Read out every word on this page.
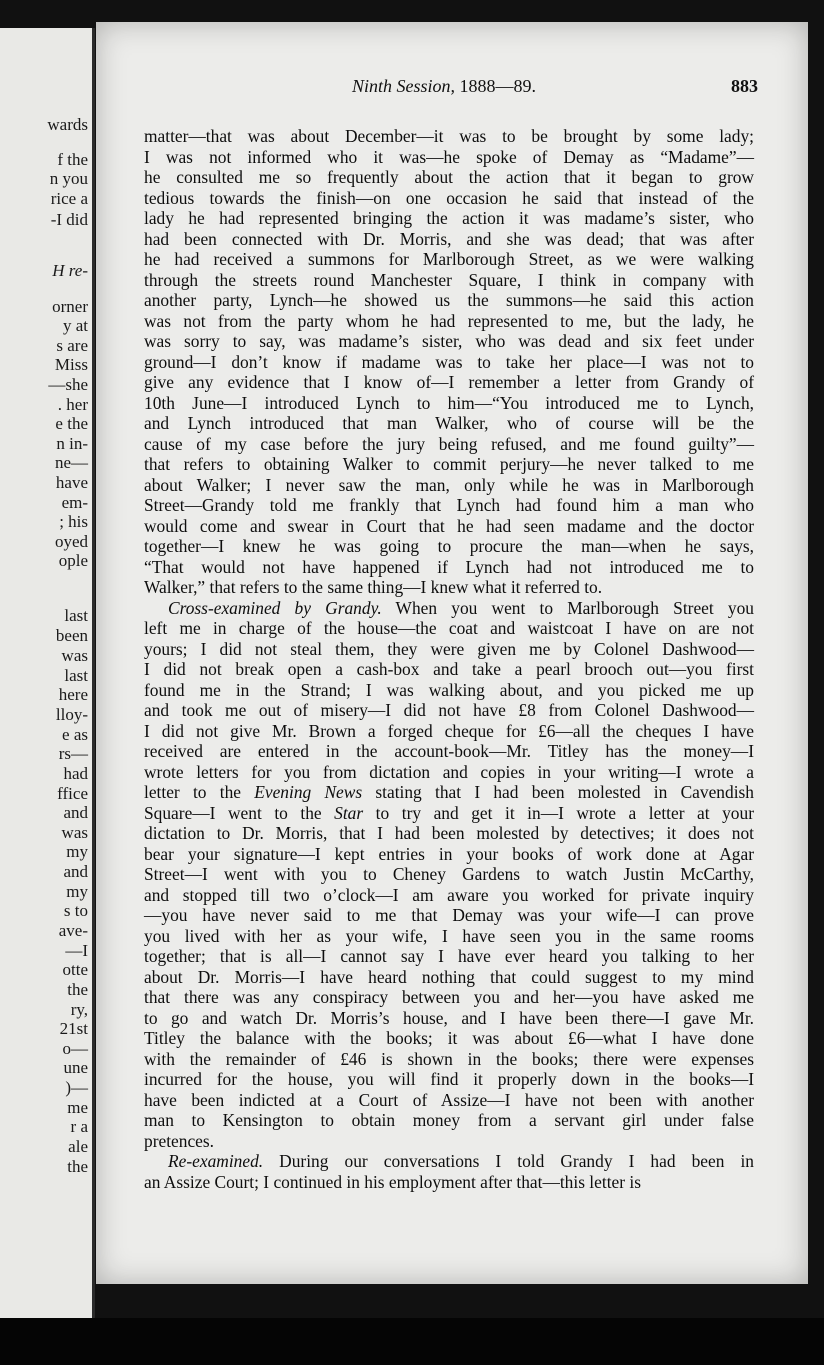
wards
f the
n you
rice a
-I did
H re-
orner
y at
s are
Miss
—she
. her
e the
n in-
ne—
have
em-
; his
oyed
ople
last
been
was
last
here
lloy-
e as
rs—
had
ffice
and
was
my
and
my
s to
ave-
—I
otte
the
ry,
21st
o—
une
)—
me
r a
ale
the
Ninth Session, 1888—89.	883
matter—that was about December—it was to be brought by some lady;
I was not informed who it was—he spoke of Demay as “Madame”—
he consulted me so frequently about the action that it began to grow
tedious towards the finish—on one occasion he said that instead of the
lady he had represented bringing the action it was madame’s sister, who
had been connected with Dr. Morris, and she was dead; that was after
he had received a summons for Marlborough Street, as we were walking
through the streets round Manchester Square, I think in company with
another party, Lynch—he showed us the summons—he said this action
was not from the party whom he had represented to me, but the lady, he
was sorry to say, was madame’s sister, who was dead and six feet under
ground—I don’t know if madame was to take her place—I was not to
give any evidence that I know of—I remember a letter from Grandy of
10th June—I introduced Lynch to him—“You introduced me to Lynch,
and Lynch introduced that man Walker, who of course will be the
cause of my case before the jury being refused, and me found guilty”—
that refers to obtaining Walker to commit perjury—he never talked to me
about Walker; I never saw the man, only while he was in Marlborough
Street—Grandy told me frankly that Lynch had found him a man who
would come and swear in Court that he had seen madame and the doctor
together—I knew he was going to procure the man—when he says,
“That would not have happened if Lynch had not introduced me to
Walker,” that refers to the same thing—I knew what it referred to.
Cross-examined by Grandy. When you went to Marlborough Street you
left me in charge of the house—the coat and waistcoat I have on are not
yours; I did not steal them, they were given me by Colonel Dashwood—
I did not break open a cash-box and take a pearl brooch out—you first
found me in the Strand; I was walking about, and you picked me up
and took me out of misery—I did not have £8 from Colonel Dashwood—
I did not give Mr. Brown a forged cheque for £6—all the cheques I have
received are entered in the account-book—Mr. Titley has the money—I
wrote letters for you from dictation and copies in your writing—I wrote a
letter to the Evening News stating that I had been molested in Cavendish
Square—I went to the Star to try and get it in—I wrote a letter at your
dictation to Dr. Morris, that I had been molested by detectives; it does not
bear your signature—I kept entries in your books of work done at Agar
Street—I went with you to Cheney Gardens to watch Justin McCarthy,
and stopped till two o’clock—I am aware you worked for private inquiry
—you have never said to me that Demay was your wife—I can prove
you lived with her as your wife, I have seen you in the same rooms
together; that is all—I cannot say I have ever heard you talking to her
about Dr. Morris—I have heard nothing that could suggest to my mind
that there was any conspiracy between you and her—you have asked me
to go and watch Dr. Morris’s house, and I have been there—I gave Mr.
Titley the balance with the books; it was about £6—what I have done
with the remainder of £46 is shown in the books; there were expenses
incurred for the house, you will find it properly down in the books—I
have been indicted at a Court of Assize—I have not been with another
man to Kensington to obtain money from a servant girl under false
pretences.
Re-examined. During our conversations I told Grandy I had been in
an Assize Court; I continued in his employment after that—this letter is
